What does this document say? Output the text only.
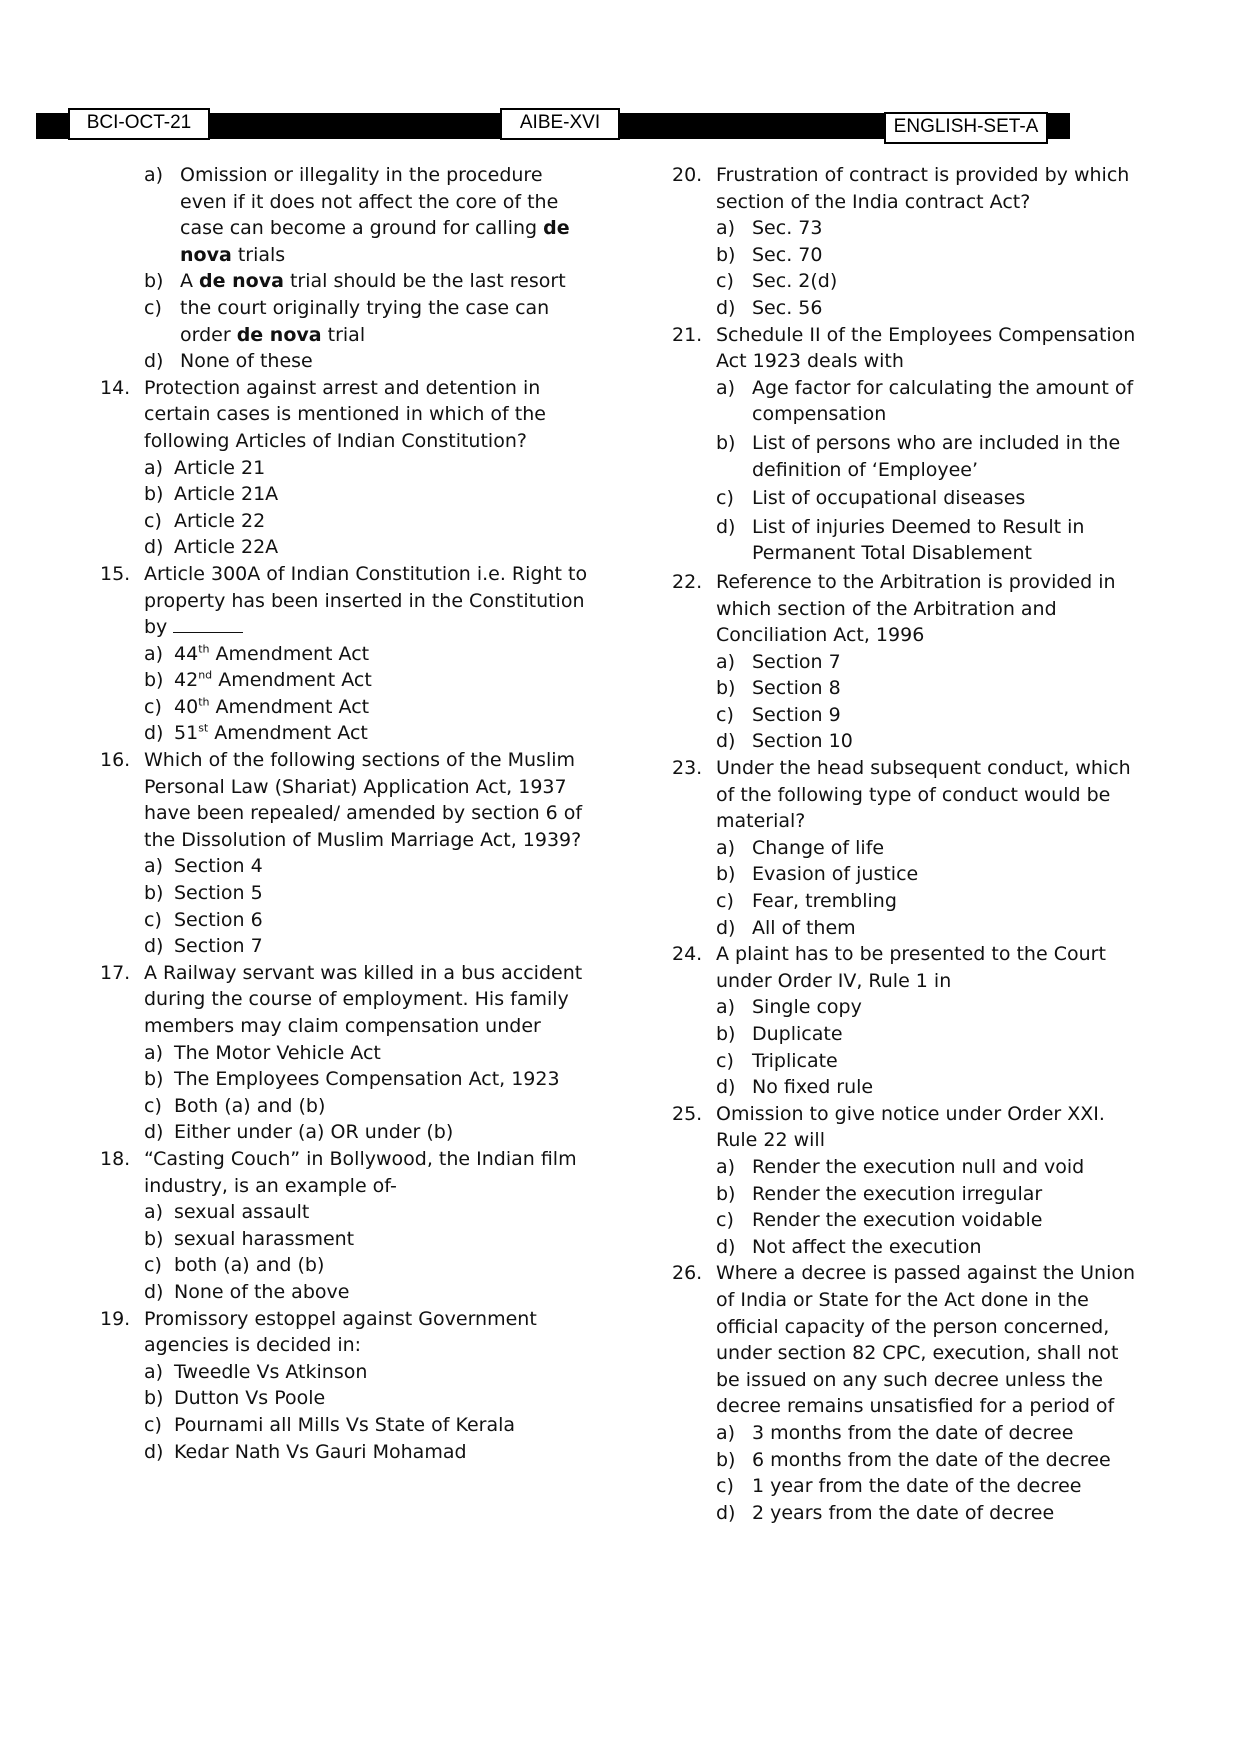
BCI-OCT-21	AIBE-XVI	ENGLISH-SET-A
a) Omission or illegality in the procedure even if it does not affect the core of the case can become a ground for calling de nova trials
b) A de nova trial should be the last resort
c) the court originally trying the case can order de nova trial
d) None of these
14. Protection against arrest and detention in certain cases is mentioned in which of the following Articles of Indian Constitution?
a) Article 21
b) Article 21A
c) Article 22
d) Article 22A
15. Article 300A of Indian Constitution i.e. Right to property has been inserted in the Constitution by
a) 44th Amendment Act
b) 42nd Amendment Act
c) 40th Amendment Act
d) 51st Amendment Act
16. Which of the following sections of the Muslim Personal Law (Shariat) Application Act, 1937 have been repealed/ amended by section 6 of the Dissolution of Muslim Marriage Act, 1939?
a) Section 4
b) Section 5
c) Section 6
d) Section 7
17. A Railway servant was killed in a bus accident during the course of employment. His family members may claim compensation under
a) The Motor Vehicle Act
b) The Employees Compensation Act, 1923
c) Both (a) and (b)
d) Either under (a) OR under (b)
18. “Casting Couch” in Bollywood, the Indian film industry, is an example of-
a) sexual assault
b) sexual harassment
c) both (a) and (b)
d) None of the above
19. Promissory estoppel against Government agencies is decided in:
a) Tweedle Vs Atkinson
b) Dutton Vs Poole
c) Pournami all Mills Vs State of Kerala
d) Kedar Nath Vs Gauri Mohamad
20. Frustration of contract is provided by which section of the India contract Act?
a) Sec. 73
b) Sec. 70
c) Sec. 2(d)
d) Sec. 56
21. Schedule II of the Employees Compensation Act 1923 deals with
a) Age factor for calculating the amount of compensation
b) List of persons who are included in the definition of ‘Employee’
c) List of occupational diseases
d) List of injuries Deemed to Result in Permanent Total Disablement
22. Reference to the Arbitration is provided in which section of the Arbitration and Conciliation Act, 1996
a) Section 7
b) Section 8
c) Section 9
d) Section 10
23. Under the head subsequent conduct, which of the following type of conduct would be material?
a) Change of life
b) Evasion of justice
c) Fear, trembling
d) All of them
24. A plaint has to be presented to the Court under Order IV, Rule 1 in
a) Single copy
b) Duplicate
c) Triplicate
d) No fixed rule
25. Omission to give notice under Order XXI. Rule 22 will
a) Render the execution null and void
b) Render the execution irregular
c) Render the execution voidable
d) Not affect the execution
26. Where a decree is passed against the Union of India or State for the Act done in the official capacity of the person concerned, under section 82 CPC, execution, shall not be issued on any such decree unless the decree remains unsatisfied for a period of
a) 3 months from the date of decree
b) 6 months from the date of the decree
c) 1 year from the date of the decree
d) 2 years from the date of decree
